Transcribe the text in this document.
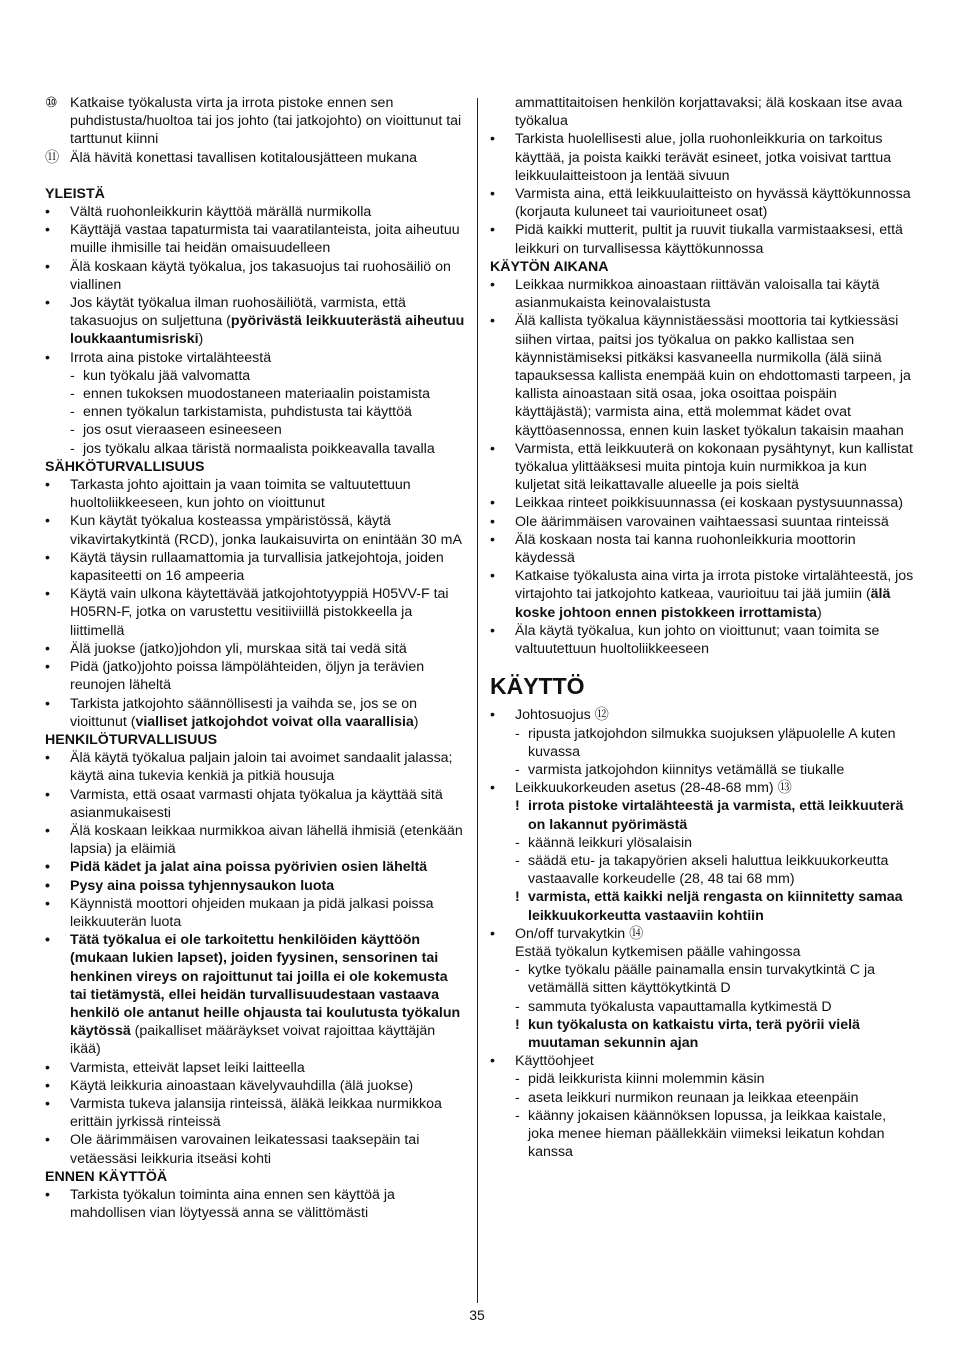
⑩ Katkaise työkalusta virta ja irrota pistoke ennen sen puhdistusta/huoltoa tai jos johto (tai jatkojohto) on vioittunut tai tarttunut kiinni
⑪ Älä hävitä konettasi tavallisen kotitalousjätteen mukana
YLEISTÄ
•	Vältä ruohonleikkurin käyttöä märällä nurmikolla
•	Käyttäjä vastaa tapaturmista tai vaaratilanteista, joita aiheutuu muille ihmisille tai heidän omaisuudelleen
•	Älä koskaan käytä työkalua, jos takasuojus tai ruohosäiliö on viallinen
•	Jos käytät työkalua ilman ruohosäiliötä, varmista, että takasuojus on suljettuna (pyörivästä leikkuuterästä aiheutuu loukkaantumisriski)
•	Irrota aina pistoke virtalähteestä
- kun työkalu jää valvomatta
- ennen tukoksen muodostaneen materiaalin poistamista
- ennen työkalun tarkistamista, puhdistusta tai käyttöä
- jos osut vieraaseen esineeseen
- jos työkalu alkaa täristä normaalista poikkeavalla tavalla
SÄHKÖTURVALLISUUS
•	Tarkasta johto ajoittain ja vaan toimita se valtuutettuun huoltoliikkeeseen, kun johto on vioittunut
•	Kun käytät työkalua kosteassa ympäristössä, käytä vikavirtakytkintä (RCD), jonka laukaisuvirta on enintään 30 mA
•	Käytä täysin rullaamattomia ja turvallisia jatkejohtoja, joiden kapasiteetti on 16 ampeeria
•	Käytä vain ulkona käytettävää jatkojohtotyyppiä H05VV-F tai H05RN-F, jotka on varustettu vesitiiviillä pistokkeella ja liittimellä
•	Älä juokse (jatko)johdon yli, murskaa sitä tai vedä sitä
•	Pidä (jatko)johto poissa lämpölähteiden, öljyn ja terävien reunojen läheltä
•	Tarkista jatkojohto säännöllisesti ja vaihda se, jos se on vioittunut (vialliset jatkojohdot voivat olla vaarallisia)
HENKILÖTURVALLISUUS
•	Älä käytä työkalua paljain jaloin tai avoimet sandaalit jalassa; käytä aina tukevia kenkiä ja pitkiä housuja
•	Varmista, että osaat varmasti ohjata työkalua ja käyttää sitä asianmukaisesti
•	Älä koskaan leikkaa nurmikkoa aivan lähellä ihmisiä (etenkään lapsia) ja eläimiä
•	Pidä kädet ja jalat aina poissa pyörivien osien läheltä
•	Pysy aina poissa tyhjennysaukon luota
•	Käynnistä moottori ohjeiden mukaan ja pidä jalkasi poissa leikkuuterän luota
•	Tätä työkalua ei ole tarkoitettu henkilöiden käyttöön (mukaan lukien lapset), joiden fyysinen, sensorinen tai henkinen vireys on rajoittunut tai joilla ei ole kokemusta tai tietämystä, ellei heidän turvallisuudestaan vastaava henkilö ole antanut heille ohjausta tai koulutusta työkalun käytössä (paikalliset määräykset voivat rajoittaa käyttäjän ikää)
•	Varmista, etteivät lapset leiki laitteella
•	Käytä leikkuria ainoastaan kävelyvauhdilla (älä juokse)
•	Varmista tukeva jalansija rinteissä, äläkä leikkaa nurmikkoa erittäin jyrkissä rinteissä
•	Ole äärimmäisen varovainen leikatessasi taaksepäin tai vetäessäsi leikkuria itseäsi kohti
ENNEN KÄYTTÖÄ
•	Tarkista työkalun toiminta aina ennen sen käyttöä ja mahdollisen vian löytyessä anna se välittömästi
ammattitaitoisen henkilön korjattavaksi; älä koskaan itse avaa työkalua
•	Tarkista huolellisesti alue, jolla ruohonleikkuria on tarkoitus käyttää, ja poista kaikki terävät esineet, jotka voisivat tarttua leikkuulaitteistoon ja lentää sivuun
•	Varmista aina, että leikkuulaitteisto on hyvässä käyttökunnossa (korjauta kuluneet tai vaurioituneet osat)
•	Pidä kaikki mutterit, pultit ja ruuvit tiukalla varmistaaksesi, että leikkuri on turvallisessa käyttökunnossa
KÄYTÖN AIKANA
•	Leikkaa nurmikkoa ainoastaan riittävän valoisalla tai käytä asianmukaista keinovalaistusta
•	Älä kallista työkalua käynnistäessäsi moottoria tai kytkiessäsi siihen virtaa, paitsi jos työkalua on pakko kallistaa sen käynnistämiseksi pitkäksi kasvaneella nurmikolla (älä siinä tapauksessa kallista enempää kuin on ehdottomasti tarpeen, ja kallista ainoastaan sitä osaa, joka osoittaa poispäin käyttäjästä); varmista aina, että molemmat kädet ovat käyttöasennossa, ennen kuin lasket työkalun takaisin maahan
•	Varmista, että leikkuuterä on kokonaan pysähtynyt, kun kallistat työkalua ylittääksesi muita pintoja kuin nurmikkoa ja kun kuljetat sitä leikattavalle alueelle ja pois sieltä
•	Leikkaa rinteet poikkisuunnassa (ei koskaan pystysuunnassa)
•	Ole äärimmäisen varovainen vaihtaessasi suuntaa rinteissä
•	Älä koskaan nosta tai kanna ruohonleikkuria moottorin käydessä
•	Katkaise työkalusta aina virta ja irrota pistoke virtalähteestä, jos virtajohto tai jatkojohto katkeaa, vaurioituu tai jää jumiin (älä koske johtoon ennen pistokkeen irrottamista)
•	Äla käytä työkalua, kun johto on vioittunut; vaan toimita se valtuutettuun huoltoliikkeeseen
KÄYTTÖ
•	Johtosuojus ⑫
- ripusta jatkojohdon silmukka suojuksen yläpuolelle A kuten kuvassa
- varmista jatkojohdon kiinnitys vetämällä se tiukalle
•	Leikkuukorkeuden asetus (28-48-68 mm) ⑬
! irrota pistoke virtalähteestä ja varmista, että leikkuuterä on lakannut pyörimästä
- käännä leikkuri ylösalaisin
- säädä etu- ja takapyörien akseli haluttua leikkuukorkeutta vastaavalle korkeudelle (28, 48 tai 68 mm)
! varmista, että kaikki neljä rengasta on kiinnitetty samaa leikkuukorkeutta vastaaviin kohtiin
•	On/off turvakytkin ⑭
Estää työkalun kytkemisen päälle vahingossa
- kytke työkalu päälle painamalla ensin turvakytkintä C ja vetämällä sitten käyttökytkintä D
- sammuta työkalusta vapauttamalla kytkimestä D
! kun työkalusta on katkaistu virta, terä pyörii vielä muutaman sekunnin ajan
•	Käyttöohjeet
- pidä leikkurista kiinni molemmin käsin
- aseta leikkuri nurmikon reunaan ja leikkaa eteenpäin
- käänny jokaisen käännöksen lopussa, ja leikkaa kaistale, joka menee hieman päällekkäin viimeksi leikatun kohdan kanssa
35
